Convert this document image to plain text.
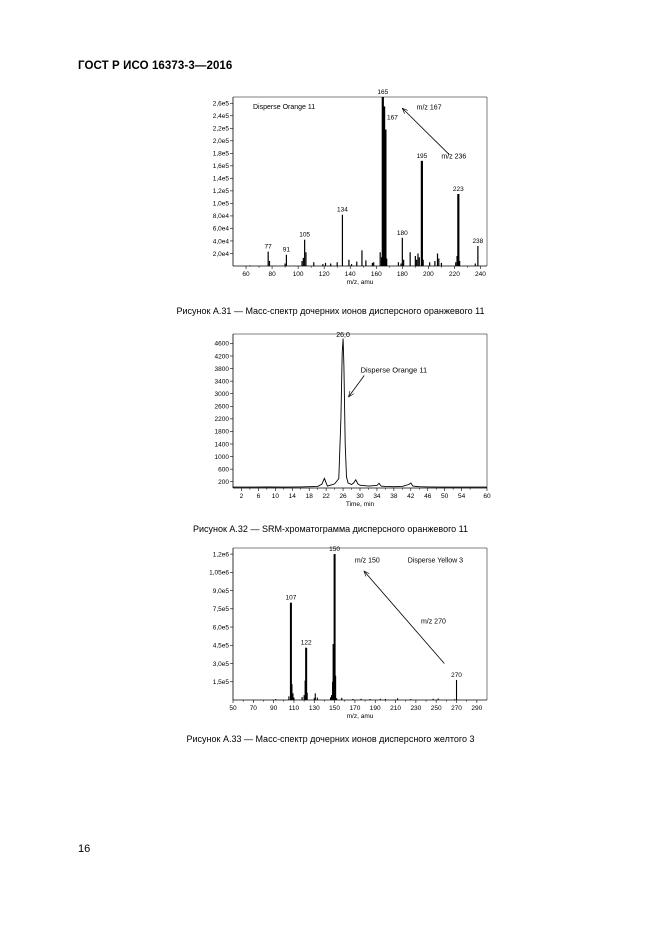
ГОСТ Р ИСО 16373-3—2016
60	80	100 120 140 160 180 200 220 240
2,0e4
4,0e4
6,0e4
8,0e4
1,0e5
1,2e5
1,4e5
1,6e5
1,8e5
2,0e5
2,2e5
2,4e5
2,6e5
m/z, amu
77 91
105
134
165
167
180
195
223
238
Disperse Orange 11	m/z 167
m/z 236
Рисунок А.31 — Масс-спектр дочерних ионов дисперсного оранжевого 11
2 6 10 14 18 22 26 30 34 38 42 46 50 54	60
200
600
1000
1400
1800
2200
2600
3000
3400
3800
4200
4600
Time, min
26,0
Disperse Orange 11
Рисунок А.32 — SRM-хроматограмма дисперсного оранжевого 11
50 70 90 110 130 150 170 190 210 230 250 270 290
1,5e5
3,0e5
4,5e5
6,0e5
7,5e5
9,0e5
1,05e6
1,2e6
m/z, amu
107
122
150
270
m/z 150	Disperse Yellow 3
m/z 270
Рисунок А.33 — Масс-спектр дочерних ионов дисперсного желтого 3
16
